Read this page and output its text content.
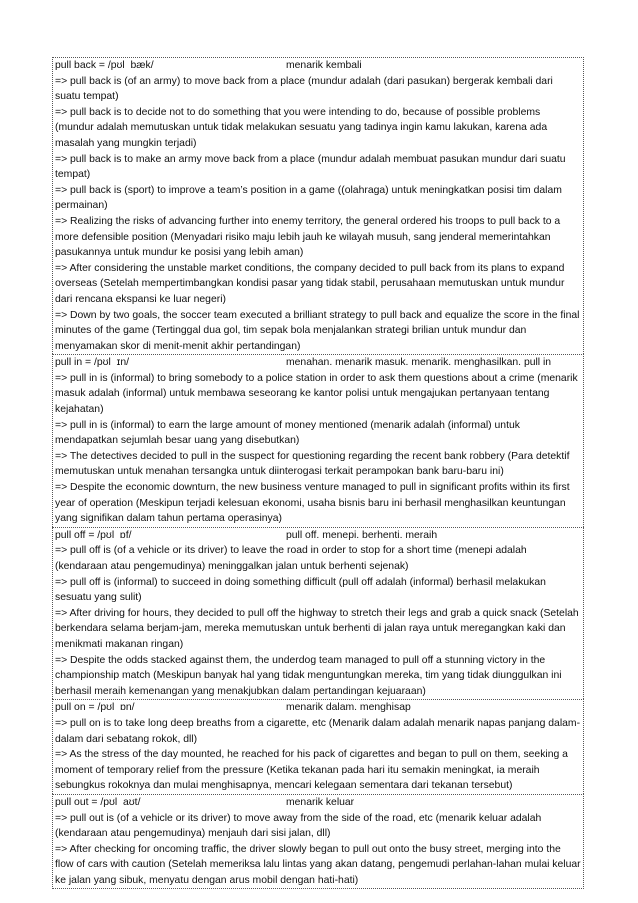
pull back = /pʊl  bæk/	menarik kembali

=> pull back is (of an army) to move back from a place (mundur adalah (dari pasukan) bergerak kembali dari suatu tempat)

=> pull back is to decide not to do something that you were intending to do, because of possible problems (mundur adalah memutuskan untuk tidak melakukan sesuatu yang tadinya ingin kamu lakukan, karena ada masalah yang mungkin terjadi)

=> pull back is to make an army move back from a place (mundur adalah membuat pasukan mundur dari suatu tempat)

=> pull back is (sport) to improve a team’s position in a game ((olahraga) untuk meningkatkan posisi tim dalam permainan)

=> Realizing the risks of advancing further into enemy territory, the general ordered his troops to pull back to a more defensible position (Menyadari risiko maju lebih jauh ke wilayah musuh, sang jenderal memerintahkan pasukannya untuk mundur ke posisi yang lebih aman)

=> After considering the unstable market conditions, the company decided to pull back from its plans to expand overseas (Setelah mempertimbangkan kondisi pasar yang tidak stabil, perusahaan memutuskan untuk mundur dari rencana ekspansi ke luar negeri)

=> Down by two goals, the soccer team executed a brilliant strategy to pull back and equalize the score in the final minutes of the game (Tertinggal dua gol, tim sepak bola menjalankan strategi brilian untuk mundur dan menyamakan skor di menit-menit akhir pertandingan)

pull in = /pʊl  ɪn/	menahan. menarik masuk. menarik. menghasilkan. pull in

=> pull in is (informal) to bring somebody to a police station in order to ask them questions about a crime (menarik masuk adalah (informal) untuk membawa seseorang ke kantor polisi untuk mengajukan pertanyaan tentang kejahatan)

=> pull in is (informal) to earn the large amount of money mentioned (menarik adalah (informal) untuk mendapatkan sejumlah besar uang yang disebutkan)

=> The detectives decided to pull in the suspect for questioning regarding the recent bank robbery (Para detektif memutuskan untuk menahan tersangka untuk diinterogasi terkait perampokan bank baru-baru ini)

=> Despite the economic downturn, the new business venture managed to pull in significant profits within its first year of operation (Meskipun terjadi kelesuan ekonomi, usaha bisnis baru ini berhasil menghasilkan keuntungan yang signifikan dalam tahun pertama operasinya)

pull off = /pʊl  ɒf/	pull off. menepi. berhenti. meraih

=> pull off is (of a vehicle or its driver) to leave the road in order to stop for a short time (menepi adalah (kendaraan atau pengemudinya) meninggalkan jalan untuk berhenti sejenak)

=> pull off is (informal) to succeed in doing something difficult (pull off adalah (informal) berhasil melakukan sesuatu yang sulit)

=> After driving for hours, they decided to pull off the highway to stretch their legs and grab a quick snack (Setelah berkendara selama berjam-jam, mereka memutuskan untuk berhenti di jalan raya untuk meregangkan kaki dan menikmati makanan ringan)

=> Despite the odds stacked against them, the underdog team managed to pull off a stunning victory in the championship match (Meskipun banyak hal yang tidak menguntungkan mereka, tim yang tidak diunggulkan ini berhasil meraih kemenangan yang menakjubkan dalam pertandingan kejuaraan)

pull on = /pʊl  ɒn/	menarik dalam. menghisap

=> pull on is to take long deep breaths from a cigarette, etc (Menarik dalam adalah menarik napas panjang dalam-dalam dari sebatang rokok, dll)

=> As the stress of the day mounted, he reached for his pack of cigarettes and began to pull on them, seeking a moment of temporary relief from the pressure (Ketika tekanan pada hari itu semakin meningkat, ia meraih sebungkus rokoknya dan mulai menghisapnya, mencari kelegaan sementara dari tekanan tersebut)

pull out = /pʊl  aʊt/	menarik keluar

=> pull out is (of a vehicle or its driver) to move away from the side of the road, etc (menarik keluar adalah (kendaraan atau pengemudinya) menjauh dari sisi jalan, dll)

=> After checking for oncoming traffic, the driver slowly began to pull out onto the busy street, merging into the flow of cars with caution (Setelah memeriksa lalu lintas yang akan datang, pengemudi perlahan-lahan mulai keluar ke jalan yang sibuk, menyatu dengan arus mobil dengan hati-hati)
